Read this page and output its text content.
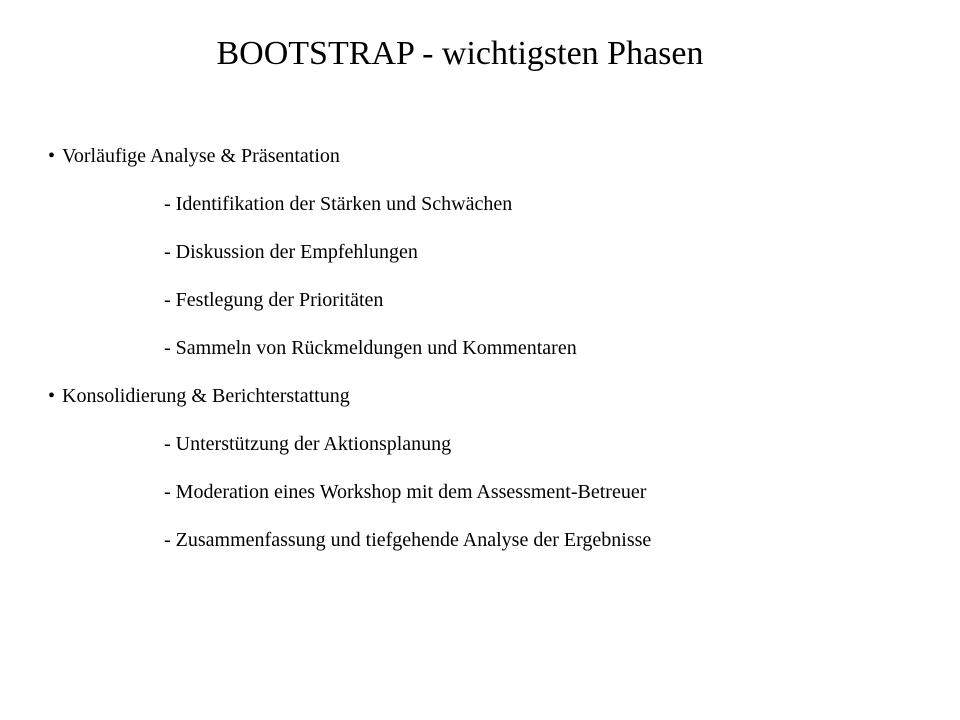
BOOTSTRAP - wichtigsten Phasen
• Vorläufige Analyse & Präsentation
- Identifikation der Stärken und Schwächen
- Diskussion der Empfehlungen
- Festlegung der Prioritäten
- Sammeln von Rückmeldungen und Kommentaren
• Konsolidierung & Berichterstattung
- Unterstützung der Aktionsplanung
- Moderation eines Workshop mit dem Assessment-Betreuer
- Zusammenfassung und tiefgehende Analyse der Ergebnisse
